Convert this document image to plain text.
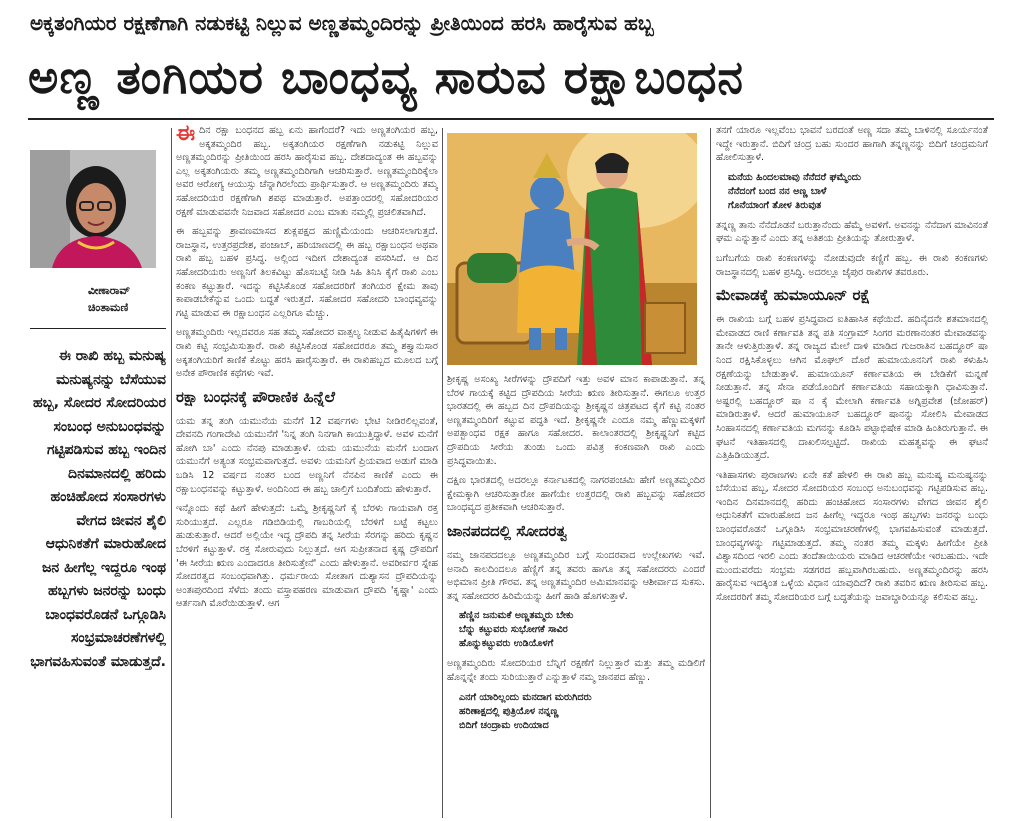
ಅಕ್ಕತಂಗಿಯರ ರಕ್ಷಣೆಗಾಗಿ ನಡುಕಟ್ಟಿ ನಿಲ್ಲುವ ಅಣ್ಣತಮ್ಮಂದಿರನ್ನು ಪ್ರೀತಿಯಿಂದ ಹರಸಿ ಹಾರೈಸುವ ಹಬ್ಬ
ಅಣ್ಣ ತಂಗಿಯರ ಬಾಂಧವ್ಯ ಸಾರುವ ರಕ್ಷಾಬಂಧನ
ವೀಣಾರಾವ್
ಚಿಂತಾಮಣಿ
ಈ ರಾಖಿ ಹಬ್ಬ ಮನುಷ್ಯ ಮನುಷ್ಯನನ್ನು ಬೆಸೆಯುವ ಹಬ್ಬ, ಸೋದರ ಸೋದರಿಯರ ಸಂಬಂಧ ಅನುಬಂಧವನ್ನು ಗಟ್ಟಿಪಡಿಸುವ ಹಬ್ಬ ಇಂದಿನ ದಿನಮಾನದಲ್ಲಿ ಹರಿದು ಹಂಚಿಹೋದ ಸಂಸಾರಗಳು ವೇಗದ ಜೀವನ ಶೈಲಿ ಆಧುನಿಕತೆಗೆ ಮಾರುಹೋದ ಜನ ಹೀಗೆಲ್ಲ ಇದ್ದರೂ ಇಂಥ ಹಬ್ಬಗಳು ಜನರನ್ನು ಬಂಧು ಬಾಂಧವರೊಡನೆ ಒಗ್ಗೂಡಿಸಿ ಸಂಭ್ರಮಾಚರಣೆಗಳಲ್ಲಿ ಭಾಗವಹಿಸುವಂತೆ ಮಾಡುತ್ತದೆ.

ಈದಿನ ರಕ್ಷಾ ಬಂಧನದ ಹಬ್ಬ ಏನು ಹಾಗೆಂದರೆ? ಇದು ಅಣ್ಣತಂಗಿಯರ ಹಬ್ಬ, ಅಕ್ಕತಮ್ಮಂದಿರ ಹಬ್ಬ. ಅಕ್ಕತಂಗಿಯರ ರಕ್ಷಣೆಗಾಗಿ ನಡುಕಟ್ಟಿ ನಿಲ್ಲುವ ಅಣ್ಣತಮ್ಮಂದಿರನ್ನು ಪ್ರೀತಿಯಿಂದ ಹರಸಿ ಹಾರೈಸುವ ಹಬ್ಬ. ದೇಶದಾದ್ಯಂತ ಈ ಹಬ್ಬವನ್ನು ಎಲ್ಲ ಅಕ್ಕತಂಗಿಯರು ತಮ್ಮ ಅಣ್ಣತಮ್ಮಂದಿರಿಗಾಗಿ ಆಚರಿಸುತ್ತಾರೆ. ಅಣ್ಣತಮ್ಮಂದಿರಿಕ್ಕೆಲಾ ಅವರ ಆರೋಗ್ಯ ಆಯುಸ್ಸು ಚೆನ್ನಾಗಿರಲೆಂದು ಪ್ರಾರ್ಥಿಸುತ್ತಾರೆ. ಆ ಅಣ್ಣತಮ್ಮಂದಿರು ತಮ್ಮ ಸಹೋದರಿಯರ ರಕ್ಷಣೆಗಾಗಿ ಶಪಥ ಮಾಡುತ್ತಾರೆ. ಅಪತ್ತಾಂದರಲ್ಲಿ ಸಹೋದರಿಯರ ರಕ್ಷಣೆ ಮಾಡುವವನೇ ನಿಜವಾದ ಸಹೋದರ ಎಂಬ ಮಾತು ನಮ್ಮಲ್ಲಿ ಪ್ರಚಲಿತವಾಗಿದೆ.

ಈ ಹಬ್ಬವನ್ನು ಶ್ರಾವಣಮಾಸದ ಶುಕ್ಲಪಕ್ಷದ ಹುಣ್ಣಿಮೆಯಂದು ಆಚರಿಸಲಾಗುತ್ತದೆ. ರಾಜಸ್ಥಾನ, ಉತ್ತರಪ್ರದೇಶ, ಪಂಜಾಬ್, ಹರಿಯಾಣದಲ್ಲಿ ಈ ಹಬ್ಬ ರಕ್ಷಾಬಂಧನ ಅಥವಾ ರಾಖಿ ಹಬ್ಬ ಬಹಳ ಪ್ರಸಿದ್ಧ. ಅಲ್ಲಿಂದ ಇದೀಗ ದೇಶಾದ್ಯಂತ ಪಸರಿಸಿದೆ. ಆ ದಿನ ಸಹೋದರಿಯರು ಅಣ್ಣನಿಗೆ ತಿಲಕವಿಟ್ಟು ಹೊಸಬಟ್ಟೆ ನೀಡಿ ಸಿಹಿ ತಿನಿಸಿ ಕೈಗೆ ರಾಖಿ ಎಂಬ ಕಂಕಣ ಕಟ್ಟುತ್ತಾರೆ. ಇದನ್ನು ಕಟ್ಟಿಸಿಕೊಂಡ ಸಹೋದರರಿಗೆ ತಂಗಿಯರ ಕ್ಷೇಮ ತಾವು ಕಾಪಾಡಬೇಕೆನ್ನುವ ಒಂದು ಬದ್ಧತೆ ಇರುತ್ತದೆ. ಸಹೋದರ ಸಹೋದರಿ ಬಾಂಧವ್ಯವನ್ನು ಗಟ್ಟಿ ಮಾಡುವ ಈ ರಕ್ಷಾಬಂಧನ ಎಲ್ಲರಿಗೂ ಮೆಚ್ಚು.

ಅಣ್ಣತಮ್ಮಂದಿರು ಇಲ್ಲದವರೂ ಸಹ ತಮ್ಮ ಸಹೋದರ ವಾತ್ಸಲ್ಯ ನೀಡುವ ಹಿತೈಷಿಗಳಿಗೆ ಈ ರಾಖಿ ಕಟ್ಟಿ ಸಂಭ್ರಮಿಸುತ್ತಾರೆ. ರಾಖಿ ಕಟ್ಟಿಸಿಕೊಂಡ ಸಹೋದರರೂ ತಮ್ಮ ಶಕ್ತ್ಯಾನುಸಾರ ಅಕ್ಕತಂಗಿಯರಿಗೆ ಕಾಣಿಕೆ ಕೊಟ್ಟು ಹರಸಿ ಹಾರೈಸುತ್ತಾರೆ. ಈ ರಾಖಿಹಬ್ಬದ ಮೂಲದ ಬಗ್ಗೆ ಅನೇಕ ಪೌರಾಣಿಕ ಕಥೆಗಳು ಇವೆ.

ರಕ್ಷಾ ಬಂಧನಕ್ಕೆ ಪೌರಾಣಿಕ ಹಿನ್ನೆಲೆ

ಯಮ ತನ್ನ ತಂಗಿ ಯಮುನೆಯ ಮನೆಗೆ 12 ವರ್ಷಗಳು ಭೇಟಿ ನೀಡಿರಲಿಲ್ಲವಂತೆ, ದೇವನದಿ ಗಂಗಾದೇವಿ ಯಮುನೆಗೆ 'ನಿನ್ನ ತಂಗಿ ನಿನಗಾಗಿ ಕಾಯುತ್ತಿದ್ದಾಳೆ. ಅವಳ ಮನೆಗೆ ಹೋಗಿ ಬಾ' ಎಂದು ನೆನಪು ಮಾಡುತ್ತಾಳೆ. ಯಮ ಯಮುನೆಯ ಮನೆಗೆ ಬಂದಾಗ ಯಮುನೆಗೆ ಅತ್ಯಂತ ಸಂಭ್ರಮವಾಗುತ್ತದೆ. ಅವಳು ಯಮನಿಗೆ ಪ್ರಿಯವಾದ ಅಡುಗೆ ಮಾಡಿ ಬಡಿಸಿ 12 ವರ್ಷದ ನಂತರ ಬಂದ ಅಣ್ಣನಿಗೆ ನೆನಪಿನ ಕಾಣಿಕೆ ಎಂದು ಈ ರಕ್ಷಾಬಂಧನವನ್ನು ಕಟ್ಟುತ್ತಾಳೆ. ಅಂದಿನಿಂದ ಈ ಹಬ್ಬ ಚಾಲ್ತಿಗೆ ಬಂದಿತೆಂದು ಹೇಳುತ್ತಾರೆ.

ಇನ್ನೊಂದು ಕಥೆ ಹೀಗೆ ಹೇಳುತ್ತದೆ: ಒಮ್ಮೆ ಶ್ರೀಕೃಷ್ಣನಿಗೆ ಕೈ ಬೆರಳು ಗಾಯವಾಗಿ ರಕ್ತ ಸುರಿಯುತ್ತದೆ. ಎಲ್ಲರೂ ಗಡಿಬಿಡಿಯಲ್ಲಿ ಗಾಬರಿಯಲ್ಲಿ ಬೆರಳಿಗೆ ಬಟ್ಟೆ ಕಟ್ಟಲು ಹುಡುಕುತ್ತಾರೆ. ಆದರೆ ಅಲ್ಲಿಯೇ ಇದ್ದ ದ್ರೌಪದಿ ತನ್ನ ಸೀರೆಯ ಸೆರಗನ್ನು ಹರಿದು ಕೃಷ್ಣನ ಬೆರಳಿಗೆ ಕಟ್ಟುತ್ತಾಳೆ. ರಕ್ತ ಸೋರುವುದು ನಿಲ್ಲುತ್ತದೆ. ಆಗ ಸುಪ್ರೀತನಾದ ಕೃಷ್ಣ ದ್ರೌಪದಿಗೆ 'ಈ ಸೀರೆಯ ಋಣ ಎಂದಾದರೂ ತೀರಿಸುತ್ತೇನೆ' ಎಂದು ಹೇಳುತ್ತಾನೆ. ಅವರೀರ್ವರ ಸ್ನೇಹ ಸೋದರತ್ವದ ಸಂಬಂಧವಾಗಿತ್ತು. ಧರ್ಮರಾಯ ಸೋತಾಗ ದುಶ್ಯಾಸನ ದ್ರೌಪದಿಯನ್ನು ಅಂತಃಪುರದಿಂದ ಸೆಳೆದು ತಂದು ವಸ್ತ್ರಾಪಹರಣ ಮಾಡುವಾಗ ದ್ರೌಪದಿ 'ಕೃಷ್ಣಾ' ಎಂದು ಆರ್ತನಾಗಿ ಮೊರೆಯಿಡುತ್ತಾಳೆ. ಆಗ

ಶ್ರೀಕೃಷ್ಣ ಅಸಂಖ್ಯ ಸೀರೆಗಳನ್ನು ದ್ರೌಪದಿಗೆ ಇತ್ತು ಅವಳ ಮಾನ ಕಾಪಾಡುತ್ತಾನೆ. ತನ್ನ ಬೆರಳ ಗಾಯಕ್ಕೆ ಕಟ್ಟಿದ ದ್ರೌಪದಿಯ ಸೀರೆಯ ಋಣ ತೀರಿಸುತ್ತಾನೆ. ಈಗಲೂ ಉತ್ತರ ಭಾರತದಲ್ಲಿ ಈ ಹಬ್ಬದ ದಿನ ದ್ರೌಪದಿಯನ್ನು ಶ್ರೀಕೃಷ್ಣನ ಚಿತ್ರಪಟದ ಕೈಗೆ ಕಟ್ಟಿ ನಂತರ ಅಣ್ಣತಮ್ಮಂದಿರಿಗೆ ಕಟ್ಟುವ ಪದ್ಧತಿ ಇದೆ. ಶ್ರೀಕೃಷ್ಣನೇ ಎಂದೂ ನಮ್ಮ ಹೆಣ್ಣುಮಕ್ಕಳಿಗೆ ಅಪತ್ಬಾಂಧವ ರಕ್ಷಕ ಹಾಗೂ ಸಹೋದರ. ಕಾಲಾಂತರದಲ್ಲಿ ಶ್ರೀಕೃಷ್ಣನಿಗೆ ಕಟ್ಟಿದ ದ್ರೌಪದಿಯ ಸೀರೆಯ ತುಂಡು ಒಂದು ಪವಿತ್ರ ಕಂಕಣವಾಗಿ ರಾಖಿ ಎಂದು ಪ್ರಸಿದ್ಧವಾಯಿತು.

ದಕ್ಷಿಣ ಭಾರತದಲ್ಲಿ ಅದರಲ್ಲೂ ಕರ್ನಾಟಕದಲ್ಲಿ ನಾಗರಪಂಚಮಿ ಹೇಗೆ ಅಣ್ಣತಮ್ಮಂದಿರ ಕ್ಷೇಮಕ್ಕಾಗಿ ಆಚರಿಸುತ್ತಾರೋ ಹಾಗೆಯೇ ಉತ್ತರದಲ್ಲಿ ರಾಖಿ ಹಬ್ಬವನ್ನು ಸಹೋದರ ಬಾಂಧವ್ಯದ ಪ್ರತೀಕವಾಗಿ ಆಚರಿಸುತ್ತಾರೆ.

ಜಾನಪದದಲ್ಲಿ ಸೋದರತ್ವ

ನಮ್ಮ ಜಾನಪದದಲ್ಲೂ ಅಣ್ಣತಮ್ಮಂದಿರ ಬಗ್ಗೆ ಸುಂದರವಾದ ಉಲ್ಲೇಖಗಳು ಇವೆ. ಅನಾದಿ ಕಾಲದಿಂದಲೂ ಹೆಣ್ಣಿಗೆ ತನ್ನ ತವರು ಹಾಗೂ ತನ್ನ ಸಹೋದರರು ಎಂದರೆ ಅಭಿಮಾನ ಪ್ರೀತಿ ಗೌರವ. ತನ್ನ ಅಣ್ಣತಮ್ಮಂದಿರ ಅಮಿಮಾನವನ್ನು ಆಶೀರ್ವಾದ ಸುಕಸು. ತನ್ನ ಸಹೋದರರ ಹಿರಿಮೆಯನ್ನು ಹೀಗೆ ಹಾಡಿ ಹೊಗಳುತ್ತಾಳೆ.

ಹೆಣ್ಣಿನ ಜನುಮಕೆ ಅಣ್ಣತಮ್ಮರು ಬೇಕು
ಬೆನ್ನು ಕಟ್ಟುವರು ಸುಭೋಗಕೆ ಸಾವಿರ
ಹೊನ್ನುಕಟ್ಟುವರು ಉಡಿಯೊಳಗೆ

ಅಣ್ಣತಮ್ಮಂದಿರು ಸೋದರಿಯರ ಬೆನ್ನಿಗೆ ರಕ್ಷಣೆಗೆ ನಿಲ್ಲುತ್ತಾರೆ ಮತ್ತು ತಮ್ಮ ಮಡಿಲಿಗೆ ಹೊನ್ನನ್ನೇ ತಂದು ಸುರಿಯುತ್ತಾರೆ ಎನ್ನುತ್ತಾಳೆ ನಮ್ಮ ಜಾನಪದ ಹೆಣ್ಣು.

ಎನಗೆ ಯಾರಿಲ್ಲಂದು ಮನದಾಗ ಮರುಗಿದರು
ಹರಿಣಾಕ್ಷದಲ್ಲಿ ಪುತ್ರಿಯೊಳ ನನ್ನಣ್ಣ
ಬಿದಿಗೆ ಚಂದ್ರಾಮ ಉದಿಯಾದ

ತನಗೆ ಯಾರೂ ಇಲ್ಲವೆಂಬ ಭಾವನೆ ಬರದಂತೆ ಅಣ್ಣ ಸದಾ ತಮ್ಮ ಬಾಳಿನಲ್ಲಿ ಸೂರ್ಯನಂತೆ ಇದ್ದೇ ಇರುತ್ತಾನೆ. ಬಿದಿಗೆ ಚಂದ್ರ ಬಹು ಸುಂದರ ಹಾಗಾಗಿ ತನ್ನಣ್ಣನನ್ನು ಬಿದಿಗೆ ಚಂದ್ರಮನಿಗೆ ಹೋಲಿಸುತ್ತಾಳೆ.

ಮನೆಯ ಹಿಂದಲಮಾವು ನೆನೆದರೆ ಘಮ್ಮೆಂದು
ನೆನೆದಂಗೆ ಬಂದ ನನ ಅಣ್ಣ ಬಾಳೆ
ಗೊನೆಯಾಂಗೆ ತೋಳ ತಿರುವುತ

ತನ್ನಣ್ಣ ತಾನು ನೆನೆದೊಡನೆ ಬರುತ್ತಾನೆಂದು ಹೆಮ್ಮೆ ಅವಳಿಗೆ. ಅವನನ್ನು ನೆನೆದಾಗ ಮಾವಿನಂತೆ ಘಮ ಎನ್ನುತ್ತಾನೆ ಎಂದು ತನ್ನ ಅತಿಶಯ ಪ್ರೀತಿಯನ್ನು ತೋರುತ್ತಾಳೆ.

ಬಗೆಬಗೆಯ ರಾಖಿ ಕಂಕಣಗಳನ್ನು ನೋಡುವುದೇ ಕಣ್ಣಿಗೆ ಹಬ್ಬ. ಈ ರಾಖಿ ಕಂಕಣಗಳು ರಾಜಸ್ಥಾನದಲ್ಲಿ ಬಹಳ ಪ್ರಸಿದ್ಧಿ. ಅದರಲ್ಲೂ ಜೈಪುರ ರಾಖಿಗಳ ತವರೂರು.

ಮೇವಾಡಕ್ಕೆ ಹುಮಾಯೂನ್ ರಕ್ಷೆ

ಈ ರಾಖಿಯ ಬಗ್ಗೆ ಬಹಳ ಪ್ರಸಿದ್ಧವಾದ ಐತಿಹಾಸಿಕ ಕಥೆಯಿದೆ. ಹದಿನೈದನೇ ಶತಮಾನದಲ್ಲಿ ಮೇವಾಡದ ರಾಣಿ ಕರ್ಣಾವತಿ ತನ್ನ ಪತಿ ಸಂಗ್ರಾಮ್ ಸಿಂಗರ ಮರಣಾನಂತರ ಮೇವಾಡವನ್ನು ತಾನೇ ಆಳುತ್ತಿರುತ್ತಾಳೆ. ತನ್ನ ರಾಜ್ಯದ ಮೇಲೆ ದಾಳಿ ಮಾಡಿದ ಗುಜರಾತಿನ ಬಹದ್ದೂರ್ ಷಾ ನಿಂದ ರಕ್ಷಿಸಿಕೊಳ್ಳಲು ಆಗಿನ ಮೊಘಲ್ ದೊರೆ ಹುಮಾಯೂನನಿಗೆ ರಾಖಿ ಕಳುಹಿಸಿ ರಕ್ಷಣೆಯನ್ನು ಬೇಡುತ್ತಾಳೆ. ಹುಮಾಯೂನ್ ಕರ್ಣಾವತಿಯ ಈ ಬೇಡಿಕೆಗೆ ಮನ್ನಣೆ ನೀಡುತ್ತಾನೆ. ತನ್ನ ಸೇನಾ ಪಡೆಯೊಂದಿಗೆ ಕರ್ಣಾವತಿಯ ಸಹಾಯಕ್ಕಾಗಿ ಧಾವಿಸುತ್ತಾನೆ. ಅಷ್ಟರಲ್ಲಿ ಬಹದ್ದೂರ್ ಷಾ ನ ಕೈ ಮೇಲಾಗಿ ಕರ್ಣಾವತಿ ಅಗ್ನಿಪ್ರವೇಶ (ಜೋಹರ್) ಮಾಡಿರುತ್ತಾಳೆ. ಆದರೆ ಹುಮಾಯೂನ್ ಬಹದ್ದೂರ್ ಷಾನನ್ನು ಸೋಲಿಸಿ ಮೇವಾಡದ ಸಿಂಹಾಸನದಲ್ಲಿ ಕರ್ಣಾವತಿಯ ಮಗನನ್ನು ಕೂಡಿಸಿ ಪಟ್ಟಾಭಿಷೇಕ ಮಾಡಿ ಹಿಂತಿರುಗುತ್ತಾನೆ. ಈ ಘಟನೆ ಇತಿಹಾಸದಲ್ಲಿ ದಾಖಲಿಸಲ್ಪಟ್ಟಿದೆ. ರಾಖಿಯ ಮಹತ್ವವನ್ನು ಈ ಘಟನೆ ಎತ್ತಿಹಿಡಿಯುತ್ತದೆ.

ಇತಿಹಾಸಗಳು ಪುರಾಣಗಳು ಏನೇ ಕತೆ ಹೇಳಲಿ ಈ ರಾಖಿ ಹಬ್ಬ ಮನುಷ್ಯ ಮನುಷ್ಯನನ್ನು ಬೆಸೆಯುವ ಹಬ್ಬ, ಸೋದರ ಸೋದರಿಯರ ಸಂಬಂಧ ಅನುಬಂಧವನ್ನು ಗಟ್ಟಿಪಡಿಸುವ ಹಬ್ಬ. ಇಂದಿನ ದಿನಮಾನದಲ್ಲಿ ಹರಿದು ಹಂಚಿಹೋದ ಸಂಸಾರಗಳು ವೇಗದ ಜೀವನ ಶೈಲಿ ಆಧುನಿಕತೆಗೆ ಮಾರುಹೋದ ಜನ ಹೀಗೆಲ್ಲ ಇದ್ದರೂ ಇಂಥ ಹಬ್ಬಗಳು ಜನರನ್ನು ಬಂಧು ಬಾಂಧವರೊಡನೆ ಒಗ್ಗೂಡಿಸಿ ಸಂಭ್ರಮಾಚರಣೆಗಳಲ್ಲಿ ಭಾಗವಹಿಸುವಂತೆ ಮಾಡುತ್ತದೆ. ಬಾಂಧವ್ಯಗಳನ್ನು ಗಟ್ಟಿಮಾಡುತ್ತದೆ. ತಮ್ಮ ನಂತರ ತಮ್ಮ ಮಕ್ಕಳು ಹೀಗೆಯೇ ಪ್ರೀತಿ ವಿಶ್ವಾಸದಿಂದ ಇರಲಿ ಎಂದು ತಂದೆತಾಯಿಯರು ಮಾಡಿದ ಆಚರಣೆಯೇ ಇರಬಹುದು. ಇದೇ ಮುಂದುವರೆದು ಸಂಭ್ರಮ ಸಡಗರದ ಹಬ್ಬವಾಗಿರಬಹುದು. ಅಣ್ಣತಮ್ಮಂದಿರನ್ನು ಹರಸಿ ಹಾರೈಸುವ ಇದಕ್ಕಿಂತ ಒಳ್ಳೆಯ ವಿಧಾನ ಯಾವುದಿದೆ? ರಾಖಿ ತವರಿನ ಋಣ ತೀರಿಸುವ ಹಬ್ಬ. ಸೋದರರಿಗೆ ತಮ್ಮ ಸೋದರಿಯರ ಬಗ್ಗೆ ಬದ್ಧತೆಯನ್ನು ಜವಾಬ್ದಾರಿಯನ್ನೂ ಕಲಿಸುವ ಹಬ್ಬ.
